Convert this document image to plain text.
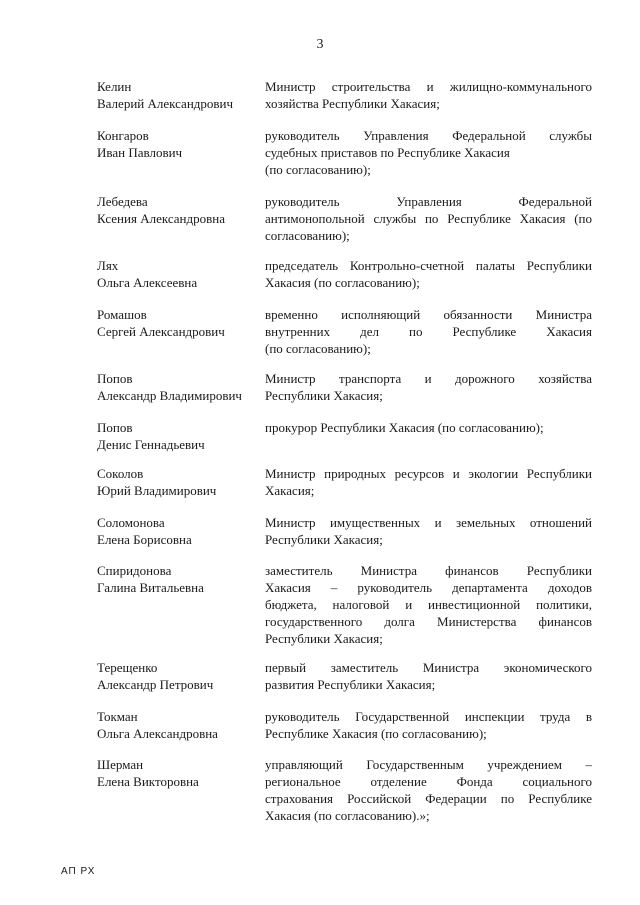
3
Келин
Валерий Александрович
Министр строительства и жилищно-коммунального
хозяйства Республики Хакасия;
Конгаров
Иван Павлович
руководитель Управления Федеральной службы
судебных приставов по Республике Хакасия
(по согласованию);
Лебедева
Ксения Александровна
руководитель Управления Федеральной
антимонопольной службы по Республике Хакасия (по
согласованию);
Лях
Ольга Алексеевна
председатель Контрольно-счетной палаты Республики
Хакасия (по согласованию);
Ромашов
Сергей Александрович
временно исполняющий обязанности Министра
внутренних дел по Республике Хакасия
(по согласованию);
Попов
Александр Владимирович
Министр транспорта и дорожного хозяйства
Республики Хакасия;
Попов
Денис Геннадьевич
прокурор Республики Хакасия (по согласованию);
Соколов
Юрий Владимирович
Министр природных ресурсов и экологии Республики
Хакасия;
Соломонова
Елена Борисовна
Министр имущественных и земельных отношений
Республики Хакасия;
Спиридонова
Галина Витальевна
заместитель Министра финансов Республики
Хакасия – руководитель департамента доходов
бюджета, налоговой и инвестиционной политики,
государственного долга Министерства финансов
Республики Хакасия;
Терещенко
Александр Петрович
первый заместитель Министра экономического
развития Республики Хакасия;
Токман
Ольга Александровна
руководитель Государственной инспекции труда в
Республике Хакасия (по согласованию);
Шерман
Елена Викторовна
управляющий Государственным учреждением –
региональное отделение Фонда социального
страхования Российской Федерации по Республике
Хакасия (по согласованию).»;
АП РХ
